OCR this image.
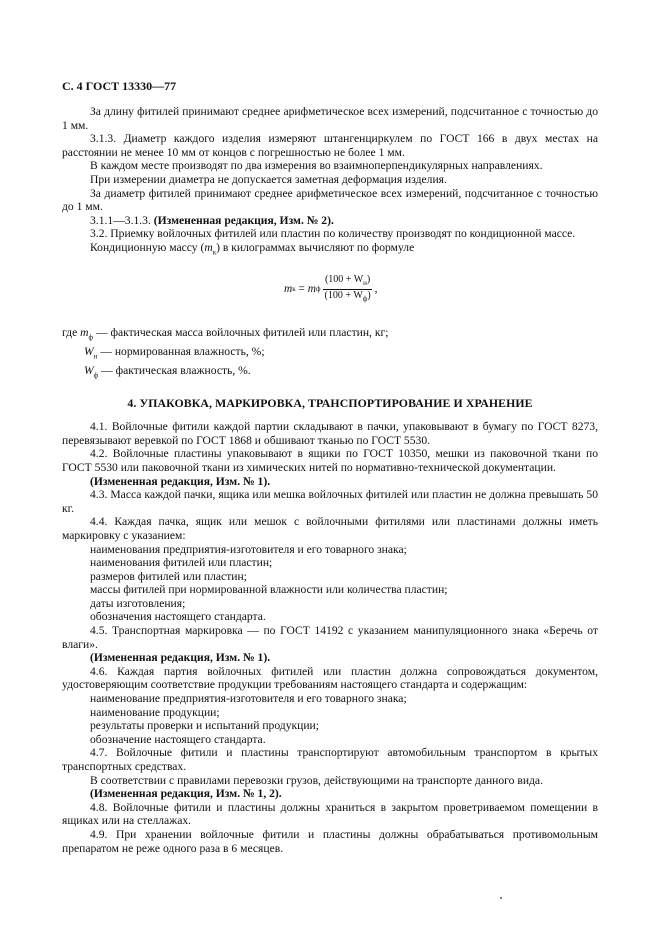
С. 4 ГОСТ 13330—77

За длину фитилей принимают среднее арифметическое всех измерений, подсчитанное с точностью до 1 мм.

3.1.3. Диаметр каждого изделия измеряют штангенциркулем по ГОСТ 166 в двух местах на расстоянии не менее 10 мм от концов с погрешностью не более 1 мм.

В каждом месте производят по два измерения во взаимноперпендикулярных направлениях.

При измерении диаметра не допускается заметная деформация изделия.

За диаметр фитилей принимают среднее арифметическое всех измерений, подсчитанное с точностью до 1 мм.

3.1.1—3.1.3. (Измененная редакция, Изм. № 2).

3.2. Приемку войлочных фитилей или пластин по количеству производят по кондиционной массе.

Кондиционную массу $(m_к)$ в килограммах вычисляют по формуле

m к = m ф $\frac{(100 + W_н)}{(100 + W_ф)}$ ,

где $m_ф$ — фактическая масса войлочных фитилей или пластин, кг;

$W_н$ — нормированная влажность, %;

$W_ф$ — фактическая влажность, %.

4. УПАКОВКА, МАРКИРОВКА, ТРАНСПОРТИРОВАНИЕ И ХРАНЕНИЕ

4.1. Войлочные фитили каждой партии складывают в пачки, упаковывают в бумагу по ГОСТ 8273, перевязывают веревкой по ГОСТ 1868 и обшивают тканью по ГОСТ 5530.

4.2. Войлочные пластины упаковывают в ящики по ГОСТ 10350, мешки из паковочной ткани по ГОСТ 5530 или паковочной ткани из химических нитей по нормативно-технической документации.

(Измененная редакция, Изм. № 1).

4.3. Масса каждой пачки, ящика или мешка войлочных фитилей или пластин не должна превышать 50 кг.

4.4. Каждая пачка, ящик или мешок с войлочными фитилями или пластинами должны иметь маркировку с указанием:

наименования предприятия-изготовителя и его товарного знака;

наименования фитилей или пластин;

размеров фитилей или пластин;

массы фитилей при нормированной влажности или количества пластин;

даты изготовления;

обозначения настоящего стандарта.

4.5. Транспортная маркировка — по ГОСТ 14192 с указанием манипуляционного знака «Беречь от влаги».

(Измененная редакция, Изм. № 1).

4.6. Каждая партия войлочных фитилей или пластин должна сопровождаться документом, удостоверяющим соответствие продукции требованиям настоящего стандарта и содержащим:

наименование предприятия-изготовителя и его товарного знака;

наименование продукции;

результаты проверки и испытаний продукции;

обозначение настоящего стандарта.

4.7. Войлочные фитили и пластины транспортируют автомобильным транспортом в крытых транспортных средствах.

В соответствии с правилами перевозки грузов, действующими на транспорте данного вида.

(Измененная редакция, Изм. № 1, 2).

4.8. Войлочные фитили и пластины должны храниться в закрытом проветриваемом помещении в ящиках или на стеллажах.

4.9. При хранении войлочные фитили и пластины должны обрабатываться противомольным препаратом не реже одного раза в 6 месяцев.
